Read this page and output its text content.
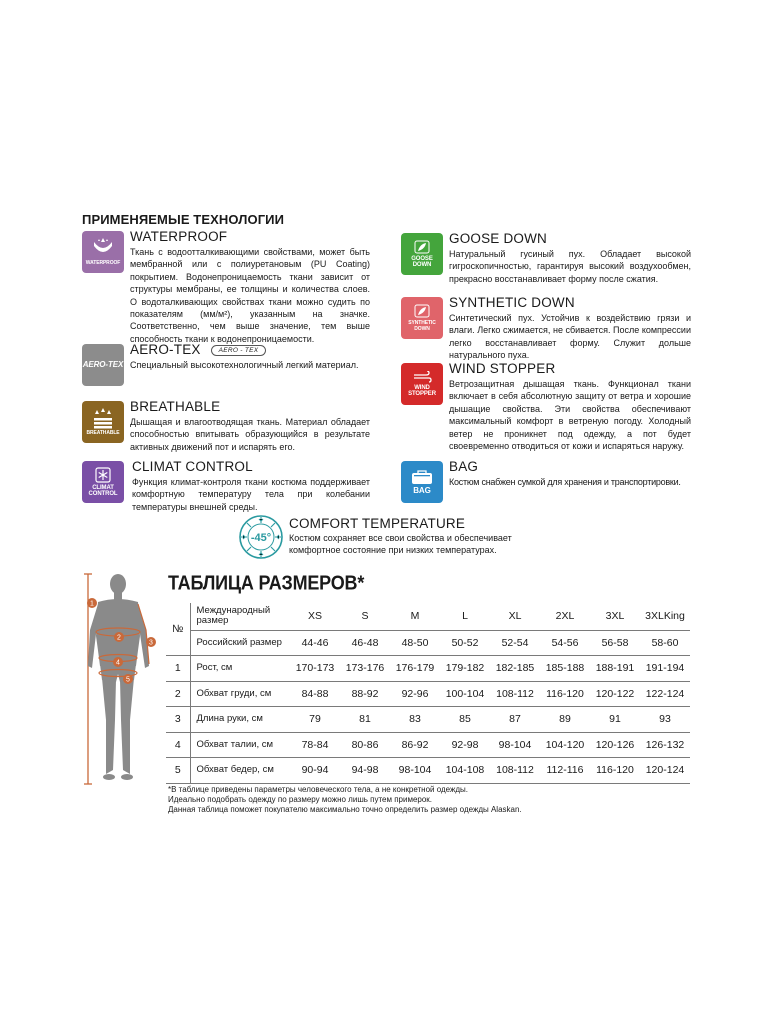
ПРИМЕНЯЕМЫЕ ТЕХНОЛОГИИ
WATERPROOF
WATERPROOF
Ткань с водоотталкивающими свойствами, может быть мембранной или с полиуретановым (PU Coating) покрытием. Водонепроницаемость ткани зависит от структуры мембраны, ее толщины и количества слоев. О водоталкивающих свойствах ткани можно судить по показателям (мм/м²), указанным на значке. Соответственно, чем выше значение, тем выше способность ткани к водонепроницаемости.
AERO-TEX
AERO-TEX	AERO - TEX
Специальный высокотехнологичный легкий материал.
BREATHABLE
BREATHABLE
Дышащая и влагоотводящая ткань. Материал обладает способностью впитывать образующийся в результате активных движений пот и испарять его.
CLIMAT
CONTROL
CLIMAT CONTROL
Функция климат-контроля ткани костюма поддерживает комфортную температуру тела при колебании температуры внешней среды.
GOOSE
DOWN
GOOSE DOWN
Натуральный гусиный пух. Обладает высокой гигроскопичностью, гарантируя высокий воздухообмен, прекрасно восстанавливает форму после сжатия.
SYNTHETIC
DOWN
SYNTHETIC DOWN
Синтетический пух. Устойчив к воздействию грязи и влаги. Легко сжимается, не сбивается. После компрессии легко восстанавливает форму. Служит дольше натурального пуха.
WIND
STOPPER
WIND STOPPER
Ветрозащитная дышащая ткань. Функционал ткани включает в себя абсолютную защиту от ветра и хорошие дышащие свойства. Эти свойства обеспечивают максимальный комфорт в ветреную погоду. Холодный ветер не проникнет под одежду, а пот будет своевременно отводиться от кожи и испаряться наружу.
BAG
BAG
Костюм снабжен сумкой для хранения и транспортировки.
-45°
COMFORT TEMPERATURE
Костюм сохраняет все свои свойства и обеспечивает
комфортное состояние при низких температурах.
1
2
3
4
5
ТАБЛИЦА РАЗМЕРОВ*
№	Международный размер	XS	S	M	L	XL	2XL	3XL	3XLKing
	Российский размер	44-46	46-48	48-50	50-52	52-54	54-56	56-58	58-60
1	Рост, см	170-173	173-176	176-179	179-182	182-185	185-188	188-191	191-194
2	Обхват груди, см	84-88	88-92	92-96	100-104	108-112	116-120	120-122	122-124
3	Длина руки, см	79	81	83	85	87	89	91	93
4	Обхват талии, см	78-84	80-86	86-92	92-98	98-104	104-120	120-126	126-132
5	Обхват бедер, см	90-94	94-98	98-104	104-108	108-112	112-116	116-120	120-124
*В таблице приведены параметры человеческого тела, а не конкретной одежды.
Идеально подобрать одежду по размеру можно лишь путем примерок.
Данная таблица поможет покупателю максимально точно определить размер одежды Alaskan.
